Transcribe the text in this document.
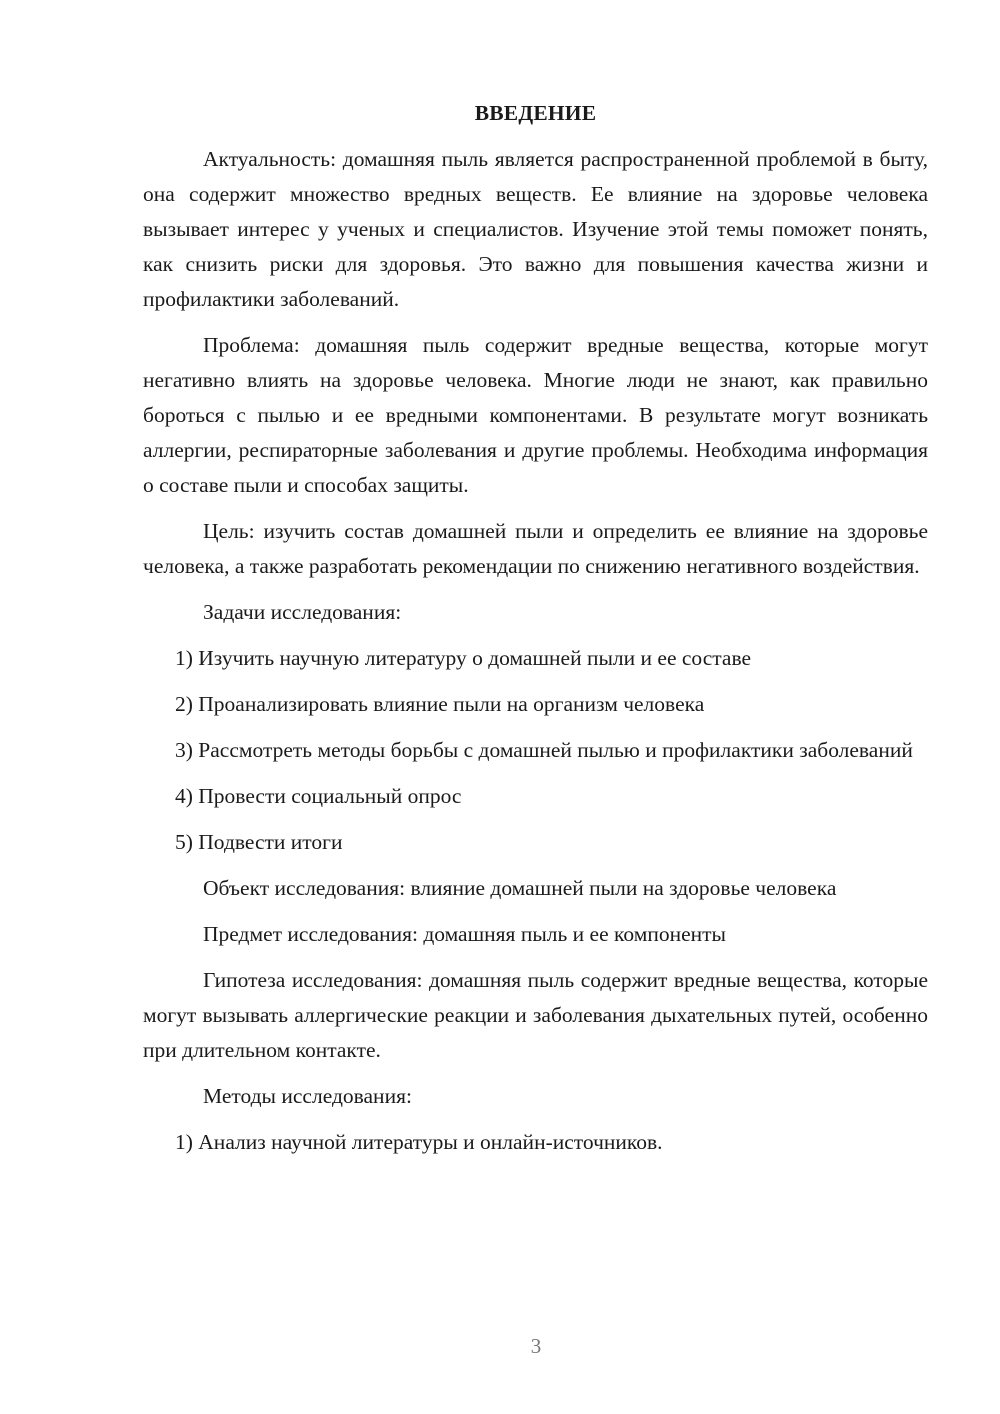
ВВЕДЕНИЕ

Актуальность: домашняя пыль является распространенной проблемой в быту, она содержит множество вредных веществ. Ее влияние на здоровье человека вызывает интерес у ученых и специалистов. Изучение этой темы поможет понять, как снизить риски для здоровья. Это важно для повышения качества жизни и профилактики заболеваний.

Проблема: домашняя пыль содержит вредные вещества, которые могут негативно влиять на здоровье человека. Многие люди не знают, как правильно бороться с пылью и ее вредными компонентами. В результате могут возникать аллергии, респираторные заболевания и другие проблемы. Необходима информация о составе пыли и способах защиты.

Цель: изучить состав домашней пыли и определить ее влияние на здоровье человека, а также разработать рекомендации по снижению негативного воздействия.

Задачи исследования:

1) Изучить научную литературу о домашней пыли и ее составе

2) Проанализировать влияние пыли на организм человека

3) Рассмотреть методы борьбы с домашней пылью и профилактики заболеваний

4) Провести социальный опрос

5) Подвести итоги

Объект исследования: влияние домашней пыли на здоровье человека

Предмет исследования: домашняя пыль и ее компоненты

Гипотеза исследования: домашняя пыль содержит вредные вещества, которые могут вызывать аллергические реакции и заболевания дыхательных путей, особенно при длительном контакте.

Методы исследования:

1) Анализ научной литературы и онлайн-источников.

3
